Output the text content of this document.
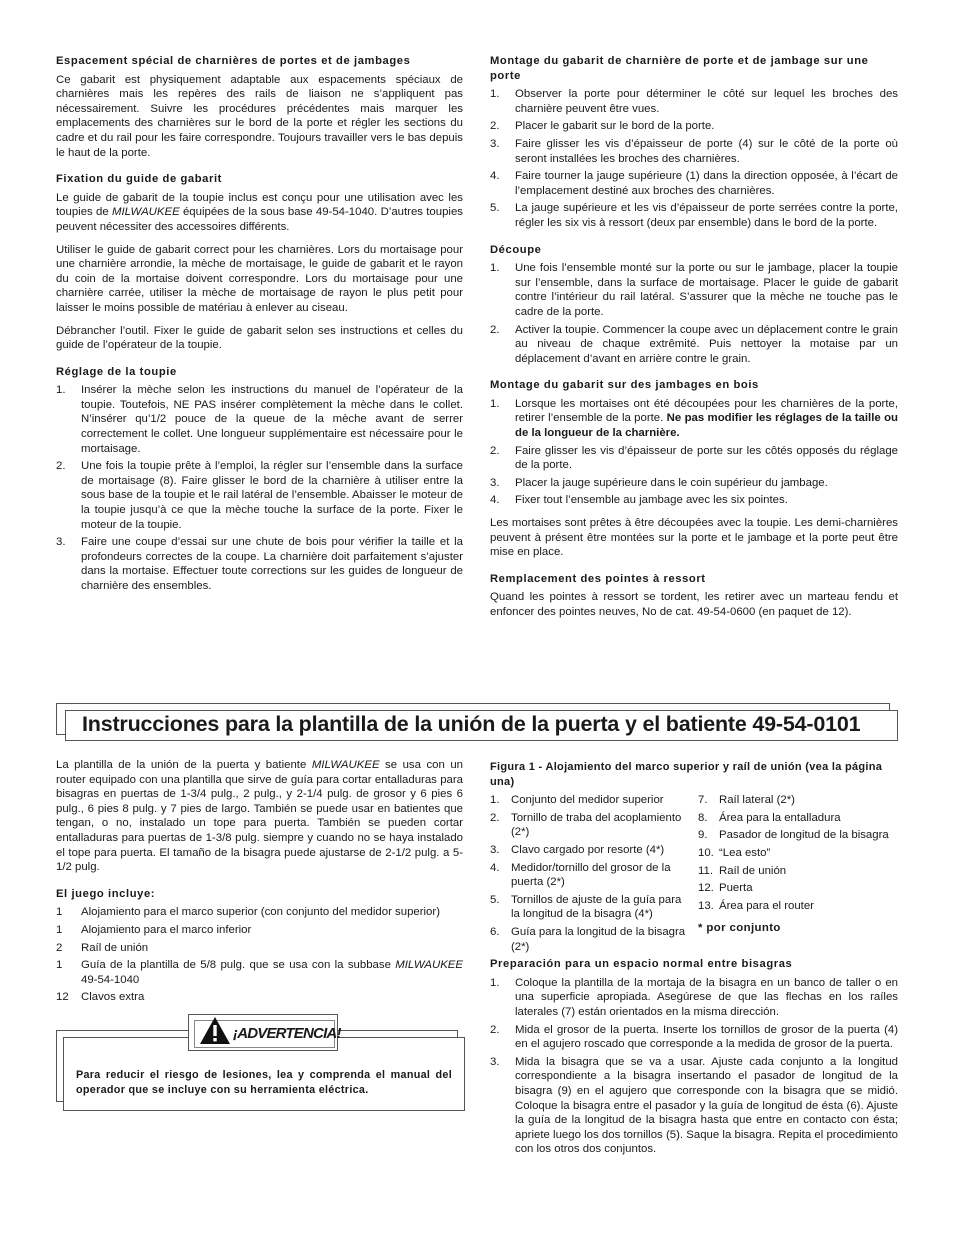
Espacement spécial de charnières de portes et de jambages

Ce gabarit est physiquement adaptable aux espacements spéciaux de charnières mais les repères des rails de liaison ne s’appliquent pas nécessairement. Suivre les procédures précédentes mais marquer les emplacements des charnières sur le bord de la porte et régler les sections du cadre et du rail pour les faire correspondre. Toujours travailler vers le bas depuis le haut de la porte.

Fixation du guide de gabarit

Le guide de gabarit de la toupie inclus est conçu pour une utilisation avec les toupies de MILWAUKEE équipées de la sous base 49-54-1040. D’autres toupies peuvent nécessiter des accessoires différents.

Utiliser le guide de gabarit correct pour les charnières. Lors du mortaisage pour une charnière arrondie, la mèche de mortaisage, le guide de gabarit et le rayon du coin de la mortaise doivent correspondre. Lors du mortaisage pour une charnière carrée, utiliser la mèche de mortaisage de rayon le plus petit pour laisser le moins possible de matériau à enlever au ciseau.

Débrancher l’outil. Fixer le guide de gabarit selon ses instructions et celles du guide de l’opérateur de la toupie.

Réglage de la toupie
1. Insérer la mèche selon les instructions du manuel de l’opérateur de la toupie. Toutefois, NE PAS insérer complètement la mèche dans le collet. N’insérer qu’1/2 pouce de la queue de la mèche avant de serrer correctement le collet. Une longueur supplémentaire est nécessaire pour le mortaisage.
2. Une fois la toupie prête à l’emploi, la régler sur l’ensemble dans la surface de mortaisage (8). Faire glisser le bord de la charnière à utiliser entre la sous base de la toupie et le rail latéral de l’ensemble. Abaisser le moteur de la toupie jusqu’à ce que la mèche touche la surface de la porte. Fixer le moteur de la toupie.
3. Faire une coupe d’essai sur une chute de bois pour vérifier la taille et la profondeurs correctes de la coupe. La charnière doit parfaitement s’ajuster dans la mortaise. Effectuer toute corrections sur les guides de longueur de charnière des ensembles.
Montage du gabarit de charnière de porte et de jambage sur une porte
1. Observer la porte pour déterminer le côté sur lequel les broches des charnière peuvent être vues.
2. Placer le gabarit sur le bord de la porte.
3. Faire glisser les vis d’épaisseur de porte (4) sur le côté de la porte où seront installées les broches des charnières.
4. Faire tourner la jauge supérieure (1) dans la direction opposée, à l’écart de l’emplacement destiné aux broches des charnières.
5. La jauge supérieure et les vis d’épaisseur de porte serrées contre la porte, régler les six vis à ressort (deux par ensemble) dans le bord de la porte.
Découpe
1. Une fois l’ensemble monté sur la porte ou sur le jambage, placer la toupie sur l’ensemble, dans la surface de mortaisage. Placer le guide de gabarit contre l’intérieur du rail latéral. S’assurer que la mèche ne touche pas le cadre de la porte.
2. Activer la toupie. Commencer la coupe avec un déplacement contre le grain au niveau de chaque extrêmité. Puis nettoyer la motaise par un déplacement d’avant en arrière contre le grain.
Montage du gabarit sur des jambages en bois
1. Lorsque les mortaises ont été découpées pour les charnières de la porte, retirer l’ensemble de la porte. Ne pas modifier les réglages de la taille ou de la longueur de la charnière.
2. Faire glisser les vis d’épaisseur de porte sur les côtés opposés du réglage de la porte.
3. Placer la jauge supérieure dans le coin supérieur du jambage.
4. Fixer tout l’ensemble au jambage avec les six pointes.

Les mortaises sont prêtes à être découpées avec la toupie. Les demi-charnières peuvent à présent être montées sur la porte et le jambage et la porte peut être mise en place.

Remplacement des pointes à ressort

Quand les pointes à ressort se tordent, les retirer avec un marteau fendu et enfoncer des pointes neuves, No de cat. 49-54-0600 (en paquet de 12).

Instrucciones para la plantilla de la unión de la puerta y el batiente 49-54-0101

La plantilla de la unión de la puerta y batiente MILWAUKEE se usa con un router equipado con una plantilla que sirve de guía para cortar entalladuras para bisagras en puertas de 1-3/4 pulg., 2 pulg., y 2-1/4 pulg. de grosor y 6 pies 6 pulg., 6 pies 8 pulg. y 7 pies de largo. También se puede usar en batientes que tengan, o no, instalado un tope para puerta. También se pueden cortar entalladuras para puertas de 1-3/8 pulg. siempre y cuando no se haya instalado el tope para puerta. El tamaño de la bisagra puede ajustarse de 2-1/2 pulg. a 5-1/2 pulg.

El juego incluye:
1 Alojamiento para el marco superior (con conjunto del medidor superior)
1 Alojamiento para el marco inferior
2 Raíl de unión
1 Guía de la plantilla de 5/8 pulg. que se usa con la subbase MILWAUKEE 49-54-1040
12 Clavos extra
Para reducir el riesgo de lesiones, lea y comprenda el manual del operador que se incluye con su herramienta eléctrica.
¡ADVERTENCIA!
Figura 1 - Alojamiento del marco superior y raíl de unión (vea la página una)
1. Conjunto del medidor superior
2. Tornillo de traba del acoplamiento (2*)
3. Clavo cargado por resorte (4*)
4. Medidor/tornillo del grosor de la puerta (2*)
5. Tornillos de ajuste de la guía para la longitud de la bisagra (4*)
6. Guía para la longitud de la bisagra (2*)
7. Raíl lateral (2*)
8. Área para la entalladura
9. Pasador de longitud de la bisagra
10. “Lea esto”
11. Raíl de unión
12. Puerta
13. Área para el router
* por conjunto
Preparación para un espacio normal entre bisagras
1. Coloque la plantilla de la mortaja de la bisagra en un banco de taller o en una superficie apropiada. Asegúrese de que las flechas en los raíles laterales (7) están orientados en la misma dirección.
2. Mida el grosor de la puerta. Inserte los tornillos de grosor de la puerta (4) en el agujero roscado que corresponde a la medida de grosor de la puerta.
3. Mida la bisagra que se va a usar. Ajuste cada conjunto a la longitud correspondiente a la bisagra insertando el pasador de longitud de la bisagra (9) en el agujero que corresponde con la bisagra que se midió. Coloque la bisagra entre el pasador y la guía de longitud de ésta (6). Ajuste la guía de la longitud de la bisagra hasta que entre en contacto con ésta; apriete luego los dos tornillos (5). Saque la bisagra. Repita el procedimiento con los otros dos conjuntos.
